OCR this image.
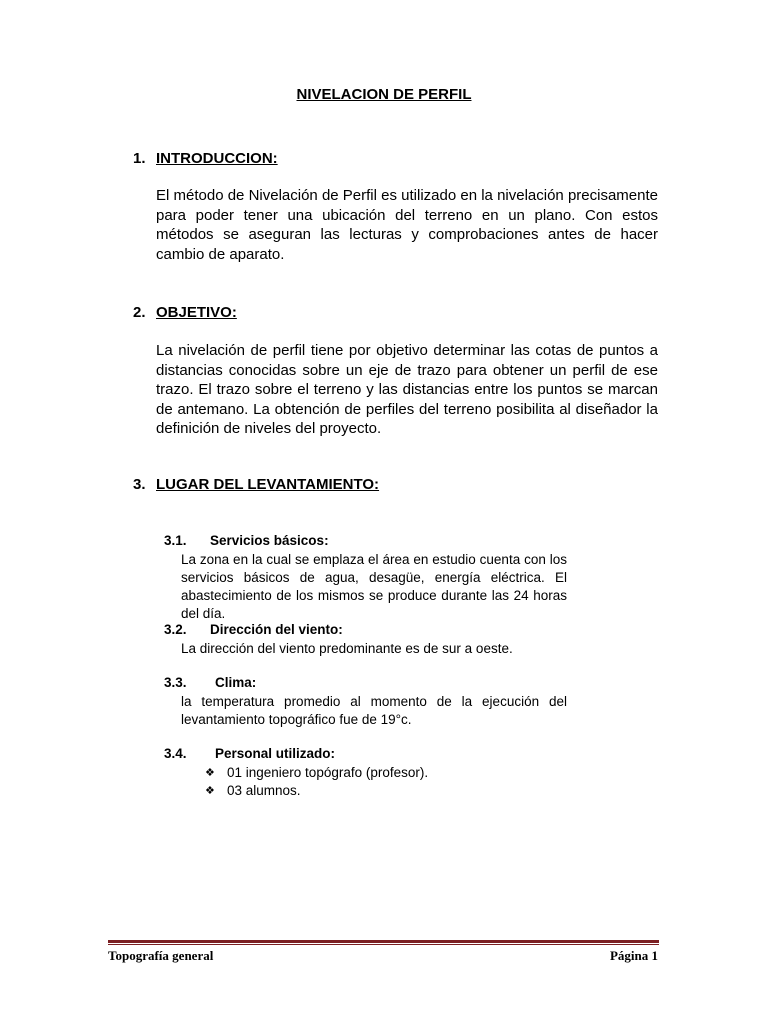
NIVELACION DE PERFIL
1. INTRODUCCION:
El método de Nivelación de Perfil es utilizado en la nivelación precisamente para poder tener una ubicación del terreno en un plano. Con estos métodos se aseguran las lecturas y comprobaciones antes de hacer cambio de aparato.
2. OBJETIVO:
La nivelación de perfil tiene por objetivo determinar las cotas de puntos a distancias conocidas sobre un eje de trazo para obtener un perfil de ese trazo. El trazo sobre el terreno y las distancias entre los puntos se marcan de antemano. La obtención de perfiles del terreno posibilita al diseñador la definición de niveles del proyecto.
3. LUGAR DEL LEVANTAMIENTO:
3.1. Servicios básicos:
La zona en la cual se emplaza el área en estudio cuenta con los servicios básicos de agua, desagüe, energía eléctrica. El abastecimiento de los mismos se produce durante las 24 horas del día.
3.2. Dirección del viento:
La dirección del viento predominante es de sur a oeste.
3.3. Clima:
la temperatura promedio al momento de la ejecución del levantamiento topográfico fue de 19°c.
3.4. Personal utilizado:
❖ 01 ingeniero topógrafo (profesor).
❖ 03 alumnos.
Topografía general	Página 1
